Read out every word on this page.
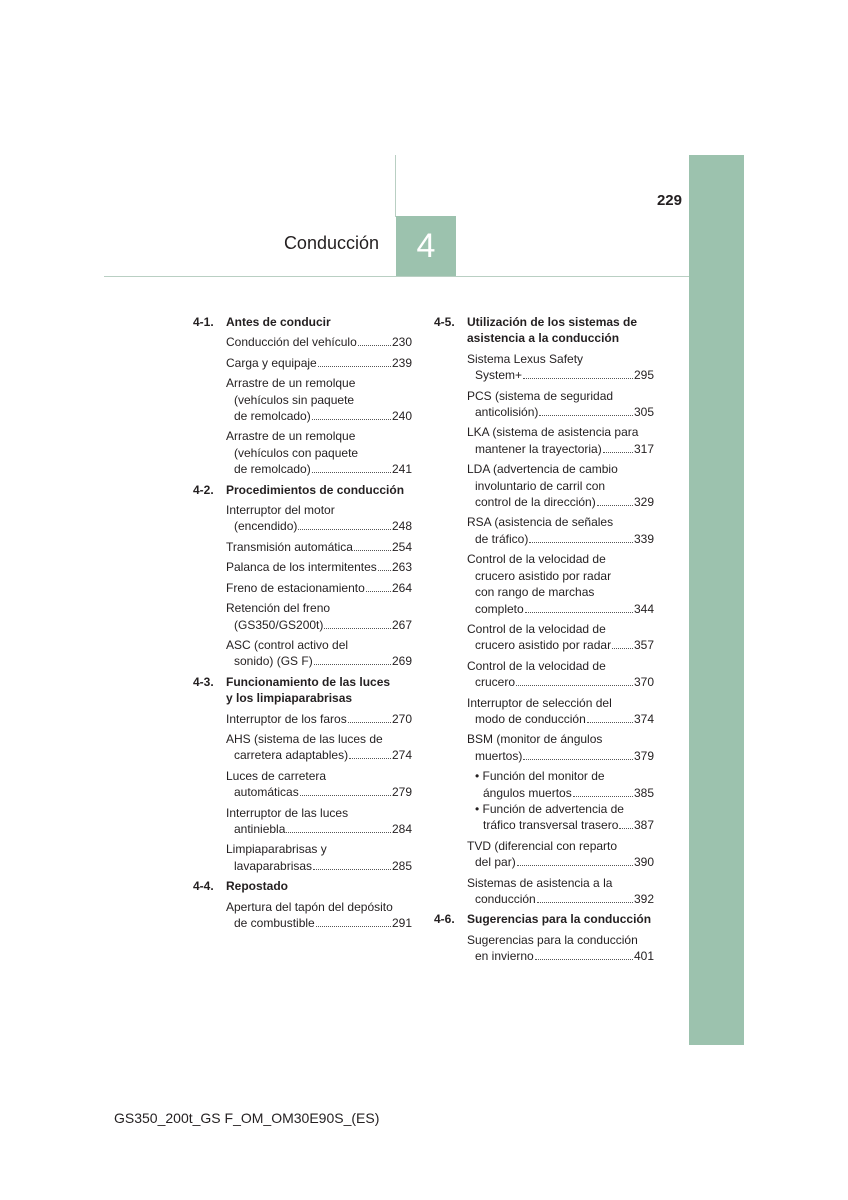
4
Conducción
229
4-1.	Antes de conducir
Conducción del vehículo	230
Carga y equipaje	239
Arrastre de un remolque
(vehículos sin paquete
de remolcado)	240
Arrastre de un remolque
(vehículos con paquete
de remolcado)	241
4-2.	Procedimientos de conducción
Interruptor del motor
(encendido)	248
Transmisión automática	254
Palanca de los intermitentes 263
Freno de estacionamiento 264
Retención del freno
(GS350/GS200t)	267
ASC (control activo del
sonido) (GS F)	269
4-3.	Funcionamiento de las luces
y los limpiaparabrisas
Interruptor de los faros	270
AHS (sistema de las luces de
carretera adaptables)	274
Luces de carretera
automáticas	279
Interruptor de las luces
antiniebla	284
Limpiaparabrisas y
lavaparabrisas	285
4-4.	Repostado
Apertura del tapón del depósito
de combustible	291
4-5.	Utilización de los sistemas de
asistencia a la conducción
Sistema Lexus Safety
System+	295
PCS (sistema de seguridad
anticolisión)	305
LKA (sistema de asistencia para
mantener la trayectoria)	317
LDA (advertencia de cambio
involuntario de carril con
control de la dirección)	329
RSA (asistencia de señales
de tráfico)	339
Control de la velocidad de
crucero asistido por radar
con rango de marchas
completo	344
Control de la velocidad de
crucero asistido por radar 357
Control de la velocidad de
crucero	370
Interruptor de selección del
modo de conducción	374
BSM (monitor de ángulos
muertos)	379
• Función del monitor de
ángulos muertos	385
• Función de advertencia de
tráfico transversal trasero 387
TVD (diferencial con reparto
del par)	390
Sistemas de asistencia a la
conducción	392
4-6.	Sugerencias para la conducción
Sugerencias para la conducción
en invierno	401
GS350_200t_GS F_OM_OM30E90S_(ES)
